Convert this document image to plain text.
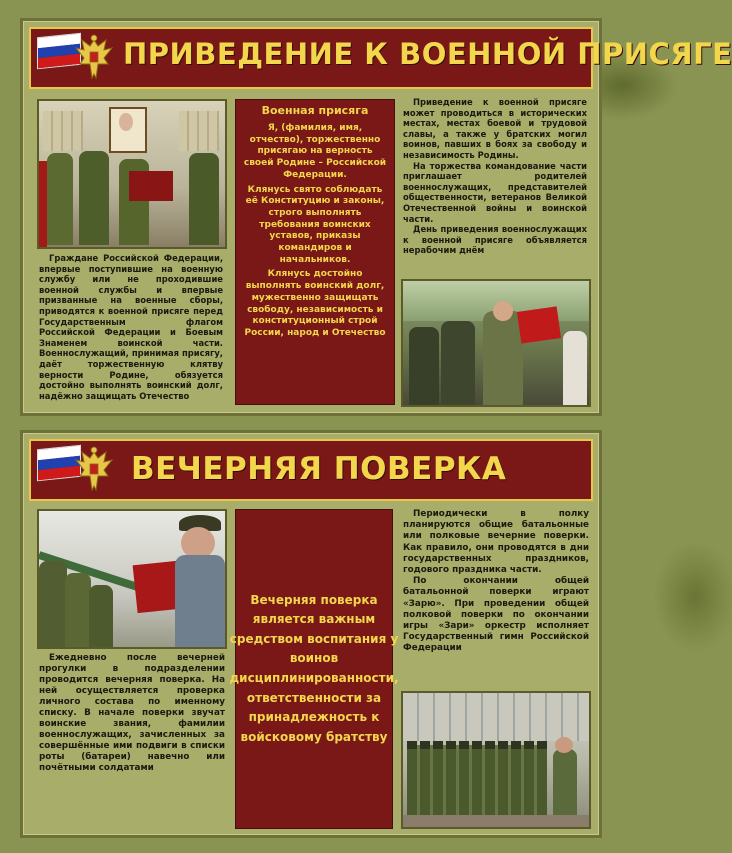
ПРИВЕДЕНИЕ К ВОЕННОЙ ПРИСЯГЕ

Граждане Российской Федерации, впервые поступившие на военную службу или не проходившие военной службы и впервые призванные на военные сборы, приводятся к военной присяге перед Государственным флагом Российской Федерации и Боевым Знаменем воинской части. Военнослужащий, принимая присягу, даёт торжественную клятву верности Родине, обязуется достойно выполнять воинский долг, надёжно защищать Отечество

Военная присяга

Я, (фамилия, имя, отчество), торжественно присягаю на верность своей Родине – Российской Федерации.

Клянусь свято соблюдать её Конституцию и законы, строго выполнять требования воинских уставов, приказы командиров и начальников.

Клянусь достойно выполнять воинский долг, мужественно защищать свободу, независимость и конституционный строй России, народ и Отечество

Приведение к военной присяге может проводиться в исторических местах, местах боевой и трудовой славы, а также у братских могил воинов, павших в боях за свободу и независимость Родины.

На торжества командование части приглашает родителей военнослужащих, представителей общественности, ветеранов Великой Отечественной войны и воинской части.

День приведения военнослужащих к военной присяге объявляется нерабочим днём

ВЕЧЕРНЯЯ ПОВЕРКА

Ежедневно после вечерней прогулки в подразделении проводится вечерняя поверка. На ней осуществляется проверка личного состава по именному списку. В начале поверки звучат воинские звания, фамилии военнослужащих, зачисленных за совершённые ими подвиги в списки роты (батареи) навечно или почётными солдатами

Вечерняя поверка является важным средством воспитания у воинов дисциплинированности, ответственности за принадлежность к войсковому братству

Периодически в полку планируются общие батальонные или полковые вечерние поверки. Как правило, они проводятся в дни государственных праздников, годового праздника части.

По окончании общей батальонной поверки играют «Зарю». При проведении общей полковой поверки по окончании игры «Зари» оркестр исполняет Государственный гимн Российской Федерации
